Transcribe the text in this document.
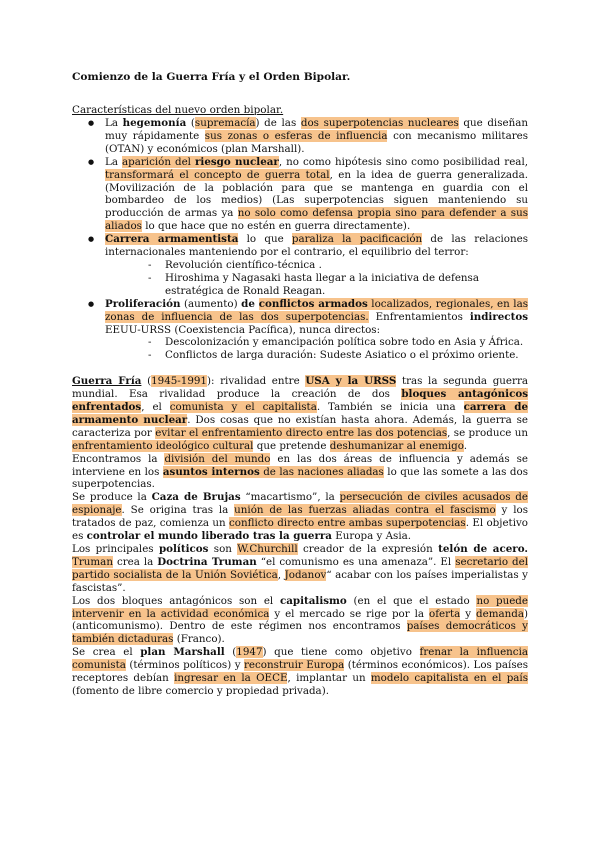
Comienzo de la Guerra Fría y el Orden Bipolar.
Características del nuevo orden bipolar.
● La hegemonía (supremacía) de las dos superpotencias nucleares que diseñan muy rápidamente sus zonas o esferas de influencia con mecanismo militares (OTAN) y económicos (plan Marshall).
● La aparición del riesgo nuclear, no como hipótesis sino como posibilidad real, transformará el concepto de guerra total, en la idea de guerra generalizada. (Movilización de la población para que se mantenga en guardia con el bombardeo de los medios) (Las superpotencias siguen manteniendo su producción de armas ya no solo como defensa propia sino para defender a sus aliados lo que hace que no estén en guerra directamente).
● Carrera armamentista lo que paraliza la pacificación de las relaciones internacionales manteniendo por el contrario, el equilibrio del terror:
- Revolución científico-técnica .
- Hiroshima y Nagasaki hasta llegar a la iniciativa de defensa estratégica de Ronald Reagan.
● Proliferación (aumento) de conflictos armados localizados, regionales, en las zonas de influencia de las dos superpotencias. Enfrentamientos indirectos EEUU-URSS (Coexistencia Pacífica), nunca directos:
- Descolonización y emancipación política sobre todo en Asia y África.
- Conflictos de larga duración: Sudeste Asiatico o el próximo oriente.

Guerra Fría (1945-1991): rivalidad entre USA y la URSS tras la segunda guerra mundial. Esa rivalidad produce la creación de dos bloques antagónicos enfrentados, el comunista y el capitalista. También se inicia una carrera de armamento nuclear. Dos cosas que no existían hasta ahora. Además, la guerra se caracteriza por evitar el enfrentamiento directo entre las dos potencias, se produce un enfrentamiento ideológico cultural que pretende deshumanizar al enemigo.

Encontramos la división del mundo en las dos áreas de influencia y además se interviene en los asuntos internos de las naciones aliadas lo que las somete a las dos superpotencias.

Se produce la Caza de Brujas “macartismo”, la persecución de civiles acusados de espionaje. Se origina tras la unión de las fuerzas aliadas contra el fascismo y los tratados de paz, comienza un conflicto directo entre ambas superpotencias. El objetivo es controlar el mundo liberado tras la guerra Europa y Asia.

Los principales políticos son W.Churchill creador de la expresión telón de acero. Truman crea la Doctrina Truman “el comunismo es una amenaza”. El secretario del partido socialista de la Unión Soviética, Jodanov“ acabar con los países imperialistas y fascistas”.

Los dos bloques antagónicos son el capitalismo (en el que el estado no puede intervenir en la actividad económica y el mercado se rige por la oferta y demanda) (anticomunismo). Dentro de este régimen nos encontramos países democráticos y también dictaduras (Franco).

Se crea el plan Marshall (1947) que tiene como objetivo frenar la influencia comunista (términos políticos) y reconstruir Europa (términos económicos). Los países receptores debían ingresar en la OECE, implantar un modelo capitalista en el país (fomento de libre comercio y propiedad privada).
